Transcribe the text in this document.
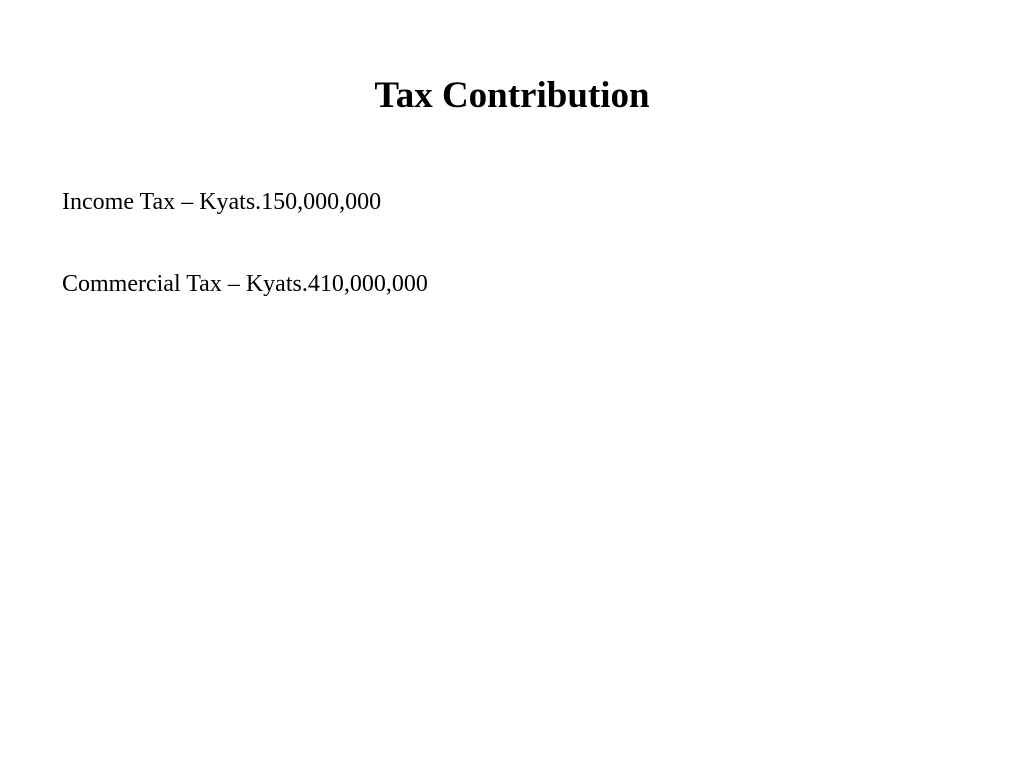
Tax Contribution

Income Tax – Kyats.150,000,000

Commercial Tax – Kyats.410,000,000
